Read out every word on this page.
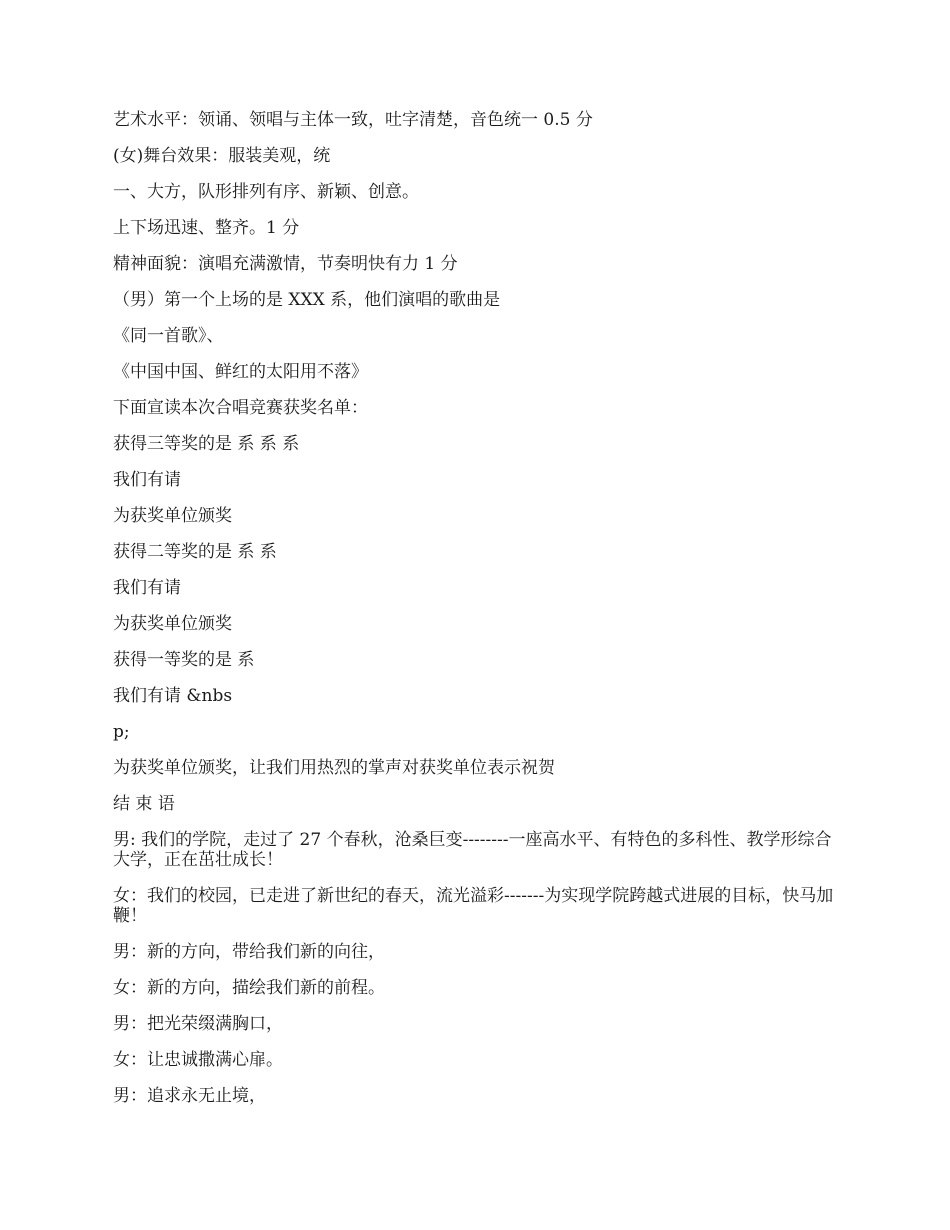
艺术水平：领诵、领唱与主体一致，吐字清楚，音色统一 0.5 分

(女)舞台效果：服装美观，统

一、大方，队形排列有序、新颖、创意。

上下场迅速、整齐。1 分

精神面貌：演唱充满激情，节奏明快有力 1 分

（男）第一个上场的是 XXX 系，他们演唱的歌曲是

《同一首歌》、

《中国中国、鲜红的太阳用不落》

下面宣读本次合唱竞赛获奖名单：

获得三等奖的是 系 系 系

我们有请

为获奖单位颁奖

获得二等奖的是 系 系

我们有请

为获奖单位颁奖

获得一等奖的是 系

我们有请 &nbs

p;

为获奖单位颁奖，让我们用热烈的掌声对获奖单位表示祝贺

结 束 语

男: 我们的学院，走过了 27 个春秋，沧桑巨变--------一座高水平、有特色的多科性、教学形综合大学，正在茁壮成长！

女：我们的校园，已走进了新世纪的春天，流光溢彩-------为实现学院跨越式进展的目标，快马加鞭！

男：新的方向，带给我们新的向往，

女：新的方向，描绘我们新的前程。

男：把光荣缀满胸口，

女：让忠诚撒满心扉。

男：追求永无止境，
